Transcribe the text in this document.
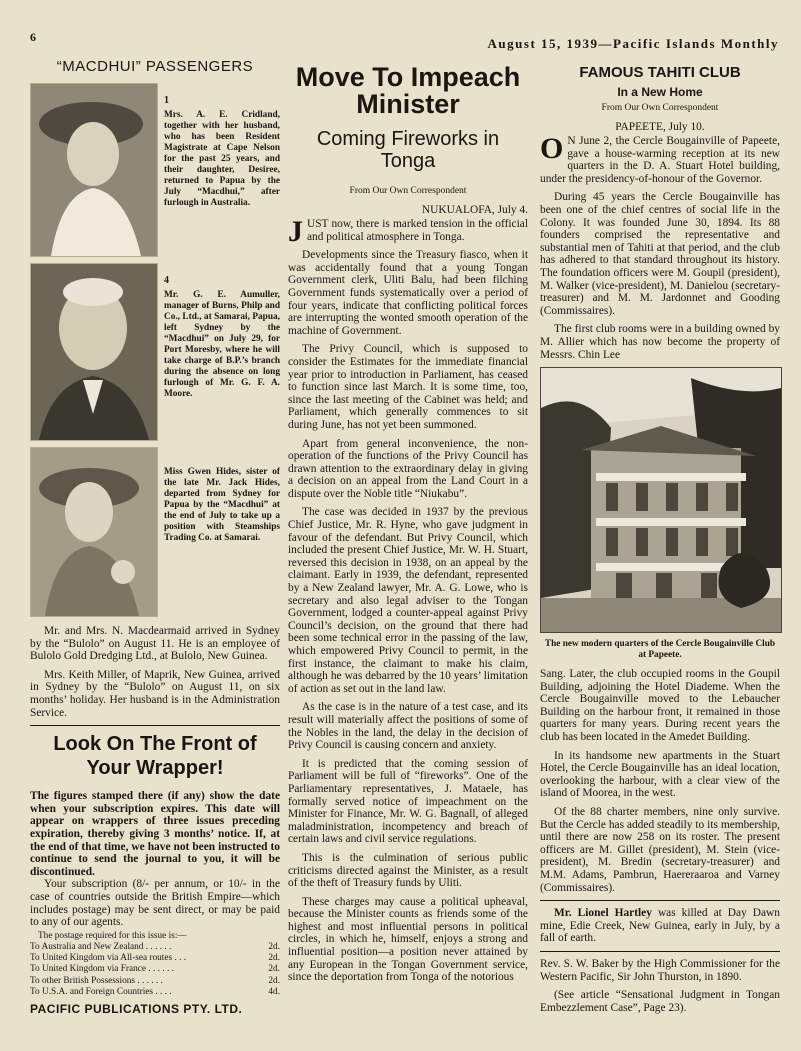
6	August 15, 1939—Pacific Islands Monthly
“MACDHUI” PASSENGERS
1
Mrs. A. E. Cridland, together with her husband, who has been Resident Magistrate at Cape Nelson for the past 25 years, and their daughter, Desiree, returned to Papua by the July “Macdhui,” after furlough in Australia.
4
Mr. G. E. Aumuller, manager of Burns, Philp and Co., Ltd., at Samarai, Papua, left Sydney by the “Macdhui” on July 29, for Port Moresby, where he will take charge of B.P.’s branch during the absence on long furlough of Mr. G. F. A. Moore.
Miss Gwen Hides, sister of the late Mr. Jack Hides, departed from Sydney for Papua by the “Macdhui” at the end of July to take up a position with Steamships Trading Co. at Samarai.

Mr. and Mrs. N. Macdearmaid arrived in Sydney by the “Bulolo” on August 11. He is an employee of Bulolo Gold Dredging Ltd., at Bulolo, New Guinea.

Mrs. Keith Miller, of Maprik, New Guinea, arrived in Sydney by the “Bulolo” on August 11, on six months’ holiday. Her husband is in the Administration Service.

Look On The Front of Your Wrapper!

The figures stamped there (if any) show the date when your subscription expires. This date will appear on wrappers of three issues preceding expiration, thereby giving 3 months’ notice. If, at the end of that time, we have not been instructed to continue to send the journal to you, it will be discontinued.

Your subscription (8/- per annum, or 10/- in the case of countries outside the British Empire—which includes postage) may be sent direct, or may be paid to any of our agents.

The postage required for this issue is:—
To Australia and New Zealand . . . . . .	2d.
To United Kingdom via All-sea routes . . .	2d.
To United Kingdom via France . . . . . .	2d.
To other British Possessions . . . . . .	2d.
To U.S.A. and Foreign Countries . . . .	4d.
PACIFIC PUBLICATIONS PTY. LTD.
Move To Impeach Minister
Coming Fireworks in Tonga
From Our Own Correspondent
NUKUALOFA, July 4.

JUST now, there is marked tension in the official and political atmosphere in Tonga.

Developments since the Treasury fiasco, when it was accidentally found that a young Tongan Government clerk, Uliti Balu, had been filching Government funds systematically over a period of four years, indicate that conflicting political forces are interrupting the wonted smooth operation of the machine of Government.

The Privy Council, which is supposed to consider the Estimates for the immediate financial year prior to introduction in Parliament, has ceased to function since last March. It is some time, too, since the last meeting of the Cabinet was held; and Parliament, which generally commences to sit during June, has not yet been summoned.

Apart from general inconvenience, the non-operation of the functions of the Privy Council has drawn attention to the extraordinary delay in giving a decision on an appeal from the Land Court in a dispute over the Noble title “Niukabu”.

The case was decided in 1937 by the previous Chief Justice, Mr. R. Hyne, who gave judgment in favour of the defendant. But Privy Council, which included the present Chief Justice, Mr. W. H. Stuart, reversed this decision in 1938, on an appeal by the claimant. Early in 1939, the defendant, represented by a New Zealand lawyer, Mr. A. G. Lowe, who is secretary and also legal adviser to the Tongan Government, lodged a counter-appeal against Privy Council’s decision, on the ground that there had been some technical error in the passing of the law, which empowered Privy Council to permit, in the first instance, the claimant to make his claim, although he was debarred by the 10 years’ limitation of action as set out in the land law.

As the case is in the nature of a test case, and its result will materially affect the positions of some of the Nobles in the land, the delay in the decision of Privy Council is causing concern and anxiety.

It is predicted that the coming session of Parliament will be full of “fireworks”. One of the Parliamentary representatives, J. Mataele, has formally served notice of impeachment on the Minister for Finance, Mr. W. G. Bagnall, of alleged maladministration, incompetency and breach of certain laws and civil service regulations.

This is the culmination of serious public criticisms directed against the Minister, as a result of the theft of Treasury funds by Uliti.

These charges may cause a political upheaval, because the Minister counts as friends some of the highest and most influential persons in political circles, in which he, himself, enjoys a strong and influential position—a position never attained by any European in the Tongan Government service, since the deportation from Tonga of the notorious

FAMOUS TAHITI CLUB
In a New Home
From Our Own Correspondent
PAPEETE, July 10.

O N June 2, the Cercle Bougainville of Papeete, gave a house-warming reception at its new quarters in the D. A. Stuart Hotel building, under the presidency-of-honour of the Governor.

During 45 years the Cercle Bougainville has been one of the chief centres of social life in the Colony. It was founded June 30, 1894. Its 88 founders comprised the representative and substantial men of Tahiti at that period, and the club has adhered to that standard throughout its history. The foundation officers were M. Goupil (president), M. Walker (vice-president), M. Danielou (secretary-treasurer) and M. M. Jardonnet and Gooding (Commissaires).

The first club rooms were in a building owned by M. Allier which has now become the property of Messrs. Chin Lee

The new modern quarters of the Cercle Bougainville Club at Papeete.

Sang. Later, the club occupied rooms in the Goupil Building, adjoining the Hotel Diademe. When the Cercle Bougainville moved to the Lebaucher Building on the harbour front, it remained in those quarters for many years. During recent years the club has been located in the Amedet Building.

In its handsome new apartments in the Stuart Hotel, the Cercle Bougainville has an ideal location, overlooking the harbour, with a clear view of the island of Moorea, in the west.

Of the 88 charter members, nine only survive. But the Cercle has added steadily to its membership, until there are now 258 on its roster. The present officers are M. Gillet (president), M. Stein (vice-president), M. Bredin (secretary-treasurer) and M.M. Adams, Pambrun, Haereraaroa and Varney (Commissaires).

Mr. Lionel Hartley was killed at Day Dawn mine, Edie Creek, New Guinea, early in July, by a fall of earth.

Rev. S. W. Baker by the High Commissioner for the Western Pacific, Sir John Thurston, in 1890.

(See article “Sensational Judgment in Tongan Embezzlement Case”, Page 23).
